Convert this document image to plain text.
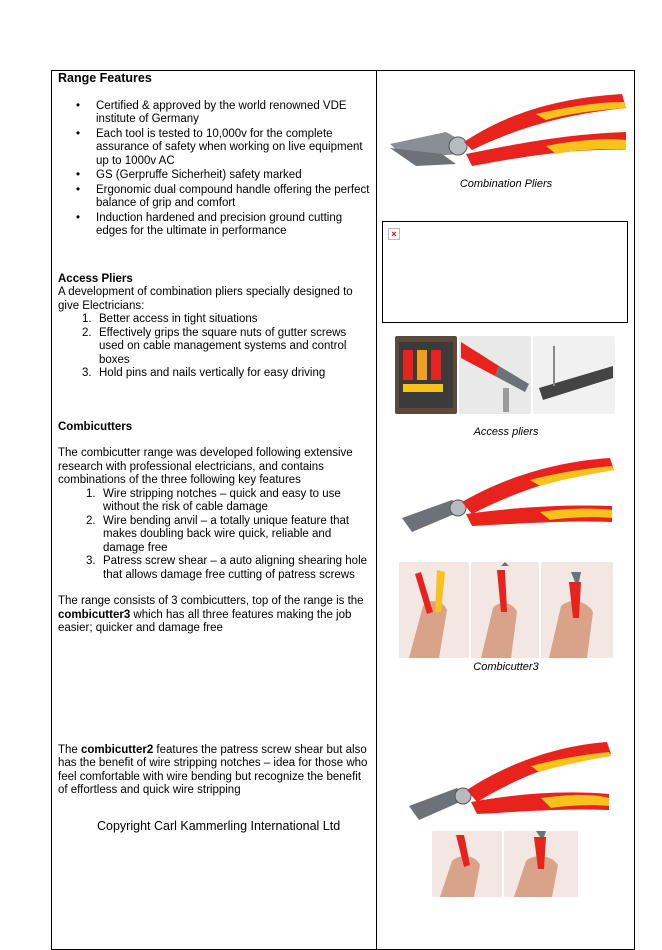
Range Features
• Certified & approved by the world renowned VDE institute of Germany
• Each tool is tested to 10,000v for the complete assurance of safety when working on live equipment up to 1000v AC
• GS (Gerpruffe Sicherheit) safety marked
• Ergonomic dual compound handle offering the perfect balance of grip and comfort
• Induction hardened and precision ground cutting edges for the ultimate in performance
Access Pliers

A development of combination pliers specially designed to give Electricians:

1. Better access in tight situations
2. Effectively grips the square nuts of gutter screws used on cable management systems and control boxes
3. Hold pins and nails vertically for easy driving
Combicutters

The combicutter range was developed following extensive research with professional electricians, and contains combinations of the three following key features

1. Wire stripping notches – quick and easy to use without the risk of cable damage
2. Wire bending anvil – a totally unique feature that makes doubling back wire quick, reliable and damage free
3. Patress screw shear – a auto aligning shearing hole that allows damage free cutting of patress screws

The range consists of 3 combicutters, top of the range is the combicutter3 which has all three features making the job easier; quicker and damage free

The combicutter2 features the patress screw shear but also has the benefit of wire stripping notches – idea for those who feel comfortable with wire bending but recognize the benefit of effortless and quick wire stripping

Copyright Carl Kammerling International Ltd

Combination Pliers
×
Access pliers
Combicutter3
